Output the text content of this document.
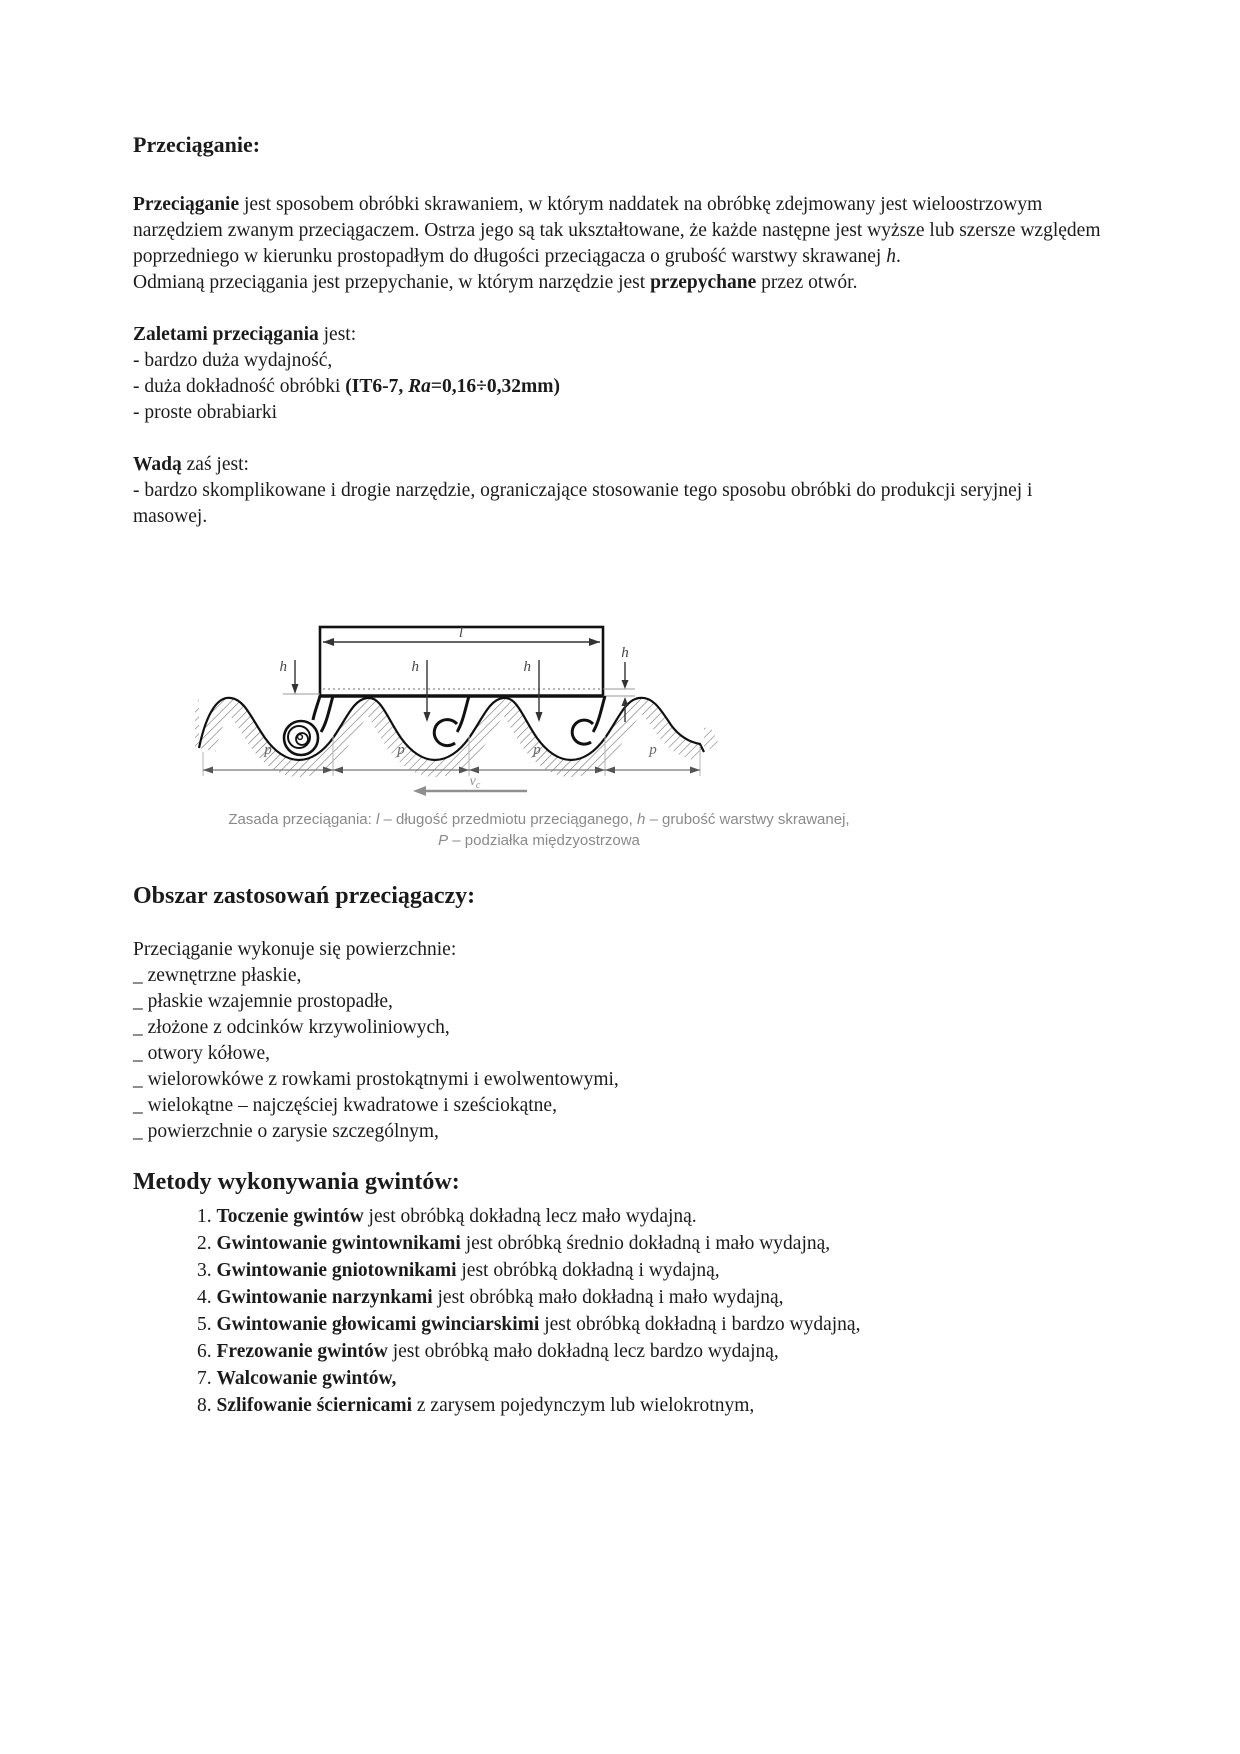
Przeciąganie:

Przeciąganie jest sposobem obróbki skrawaniem, w którym naddatek na obróbkę zdejmowany jest wieloostrzowym narzędziem zwanym przeciągaczem. Ostrza jego są tak ukształtowane, że każde następne jest wyższe lub szersze względem poprzedniego w kierunku prostopadłym do długości przeciągacza o grubość warstwy skrawanej h.
Odmianą przeciągania jest przepychanie, w którym narzędzie jest przepychane przez otwór.

Zaletami przeciągania jest:
- bardzo duża wydajność,
- duża dokładność obróbki (IT6-7, Ra=0,16÷0,32mm)
- proste obrabiarki
Wadą zaś jest:
- bardzo skomplikowane i drogie narzędzie, ograniczające stosowanie tego sposobu obróbki do produkcji seryjnej i masowej.
l
h	h	h
h
p	p	p	p
$v_c$
Zasada przeciągania: l – długość przedmiotu przeciąganego, h – grubość warstwy skrawanej,
P – podziałka międzyostrzowa
Obszar zastosowań przeciągaczy:
Przeciąganie wykonuje się powierzchnie:
_ zewnętrzne płaskie,
_ płaskie wzajemnie prostopadłe,
_ złożone z odcinków krzywoliniowych,
_ otwory kółowe,
_ wielorowkówe z rowkami prostokątnymi i ewolwentowymi,
_ wielokątne – najczęściej kwadratowe i sześciokątne,
_ powierzchnie o zarysie szczególnym,
Metody wykonywania gwintów:
1. Toczenie gwintów jest obróbką dokładną lecz mało wydajną.
2. Gwintowanie gwintownikami jest obróbką średnio dokładną i mało wydajną,
3. Gwintowanie gniotownikami jest obróbką dokładną i wydajną,
4. Gwintowanie narzynkami jest obróbką mało dokładną i mało wydajną,
5. Gwintowanie głowicami gwinciarskimi jest obróbką dokładną i bardzo wydajną,
6. Frezowanie gwintów jest obróbką mało dokładną lecz bardzo wydajną,
7. Walcowanie gwintów,
8. Szlifowanie ściernicami z zarysem pojedynczym lub wielokrotnym,
